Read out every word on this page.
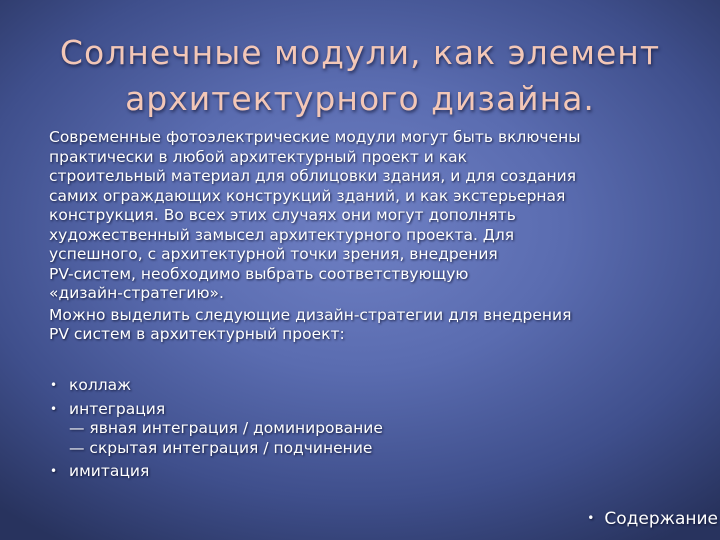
Солнечные модули, как элемент
архитектурного дизайна.
Современные фотоэлектрические модули могут быть включены
практически в любой архитектурный проект и как
строительный материал для облицовки здания, и для создания
самих ограждающих конструкций зданий, и как экстерьерная
конструкция. Во всех этих случаях они могут дополнять
художественный замысел архитектурного проекта. Для
успешного, с архитектурной точки зрения, внедрения
PV-систем, необходимо выбрать соответствующую
«дизайн-стратегию».
Можно выделить следующие дизайн-стратегии для внедрения
PV систем в архитектурный проект:
• коллаж
• интеграция
— явная интеграция / доминирование
— скрытая интеграция / подчинение
• имитация
• Содержание
